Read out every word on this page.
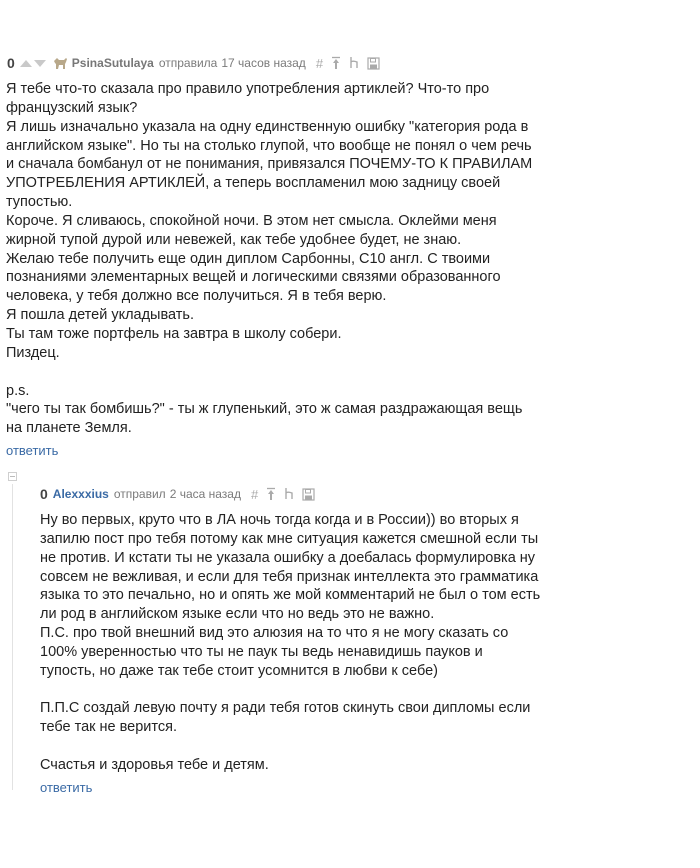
0	PsinaSutulaya отправила 17 часов назад #
Я тебе что-то сказала про правило употребления артиклей? Что-то про
французский язык?
Я лишь изначально указала на одну единственную ошибку "категория рода в
английском языке". Но ты на столько глупой, что вообще не понял о чем речь
и сначала бомбанул от не понимания, привязался ПОЧЕМУ-ТО К ПРАВИЛАМ
УПОТРЕБЛЕНИЯ АРТИКЛЕЙ, а теперь воспламенил мою задницу своей
тупостью.
Короче. Я сливаюсь, спокойной ночи. В этом нет смысла. Оклейми меня
жирной тупой дурой или невежей, как тебе удобнее будет, не знаю.
Желаю тебе получить еще один диплом Сарбонны, С10 англ. С твоими
познаниями элементарных вещей и логическими связями образованного
человека, у тебя должно все получиться. Я в тебя верю.
Я пошла детей укладывать.
Ты там тоже портфель на завтра в школу собери.
Пиздец.
p.s.
"чего ты так бомбишь?" - ты ж глупенький, это ж самая раздражающая вещь
на планете Земля.
ответить
0 Alexxxius отправил 2 часа назад #
Ну во первых, круто что в ЛА ночь тогда когда и в России)) во вторых я
запилю пост про тебя потому как мне ситуация кажется смешной если ты
не против. И кстати ты не указала ошибку а доебалась формулировка ну
совсем не вежливая, и если для тебя признак интеллекта это грамматика
языка то это печально, но и опять же мой комментарий не был о том есть
ли род в английском языке если что но ведь это не важно.
П.С. про твой внешний вид это алюзия на то что я не могу сказать со
100% уверенностью что ты не паук ты ведь ненавидишь пауков и
тупость, но даже так тебе стоит усомнится в любви к себе)
П.П.С создай левую почту я ради тебя готов скинуть свои дипломы если
тебе так не верится.
Счастья и здоровья тебе и детям.
ответить
